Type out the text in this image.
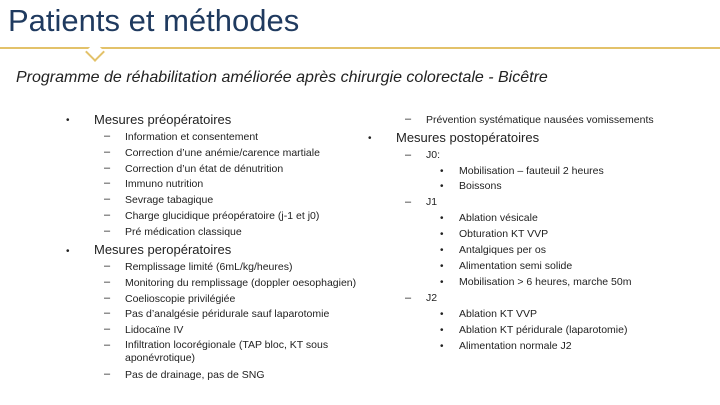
Patients et méthodes
Programme de réhabilitation améliorée après chirurgie colorectale - Bicêtre
• Mesures préopératoires
– Information et consentement
– Correction d’une anémie/carence martiale
– Correction d’un état de dénutrition
– Immuno nutrition
– Sevrage tabagique
– Charge glucidique préopératoire (j-1 et j0)
– Pré médication classique
• Mesures peropératoires
– Remplissage limité (6mL/kg/heures)
– Monitoring du remplissage (doppler oesophagien)
– Coelioscopie privilégiée
– Pas d’analgésie péridurale sauf laparotomie
– Lidocaïne IV
– Infiltration locorégionale (TAP bloc, KT sous aponévrotique)
– Pas de drainage, pas de SNG
– Prévention systématique nausées vomissements
• Mesures postopératoires
– J0:
• Mobilisation – fauteuil 2 heures
• Boissons
– J1
• Ablation vésicale
• Obturation KT VVP
• Antalgiques per os
• Alimentation semi solide
• Mobilisation > 6 heures, marche 50m
– J2
• Ablation KT VVP
• Ablation KT péridurale (laparotomie)
• Alimentation normale J2
